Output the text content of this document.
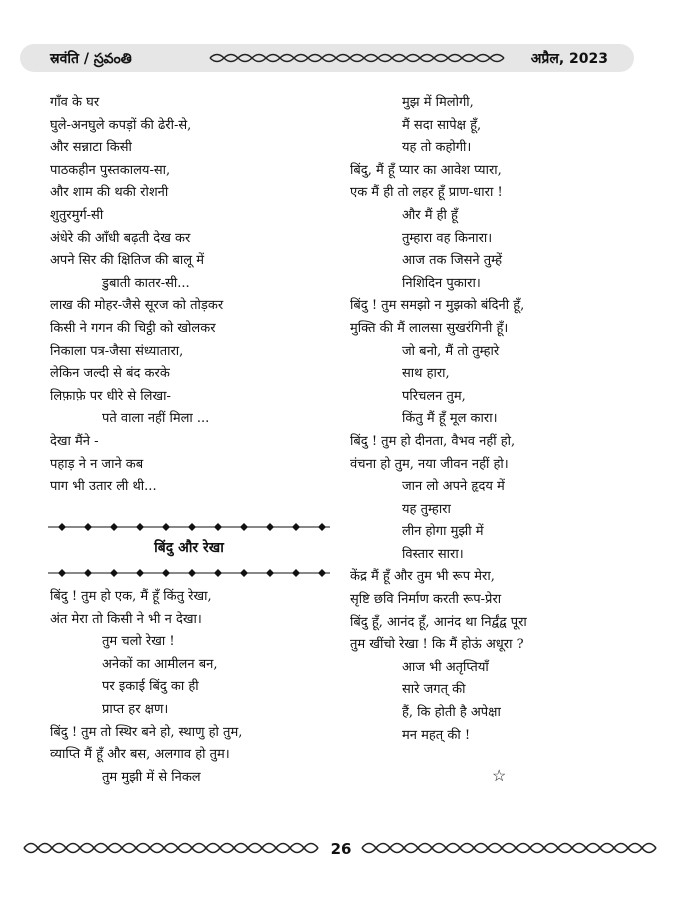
स्रवंति / స్రవంతి	अप्रैल, 2023
गाँव के घर
घुले-अनघुले कपड़ों की ढेरी-से,
और सन्नाटा किसी
पाठकहीन पुस्तकालय-सा,
और शाम की थकी रोशनी
शुतुरमुर्ग-सी
अंधेरे की आँधी बढ़ती देख कर
अपने सिर की क्षितिज की बालू में
डुबाती कातर-सी...
लाख की मोहर-जैसे सूरज को तोड़कर
किसी ने गगन की चिट्ठी को खोलकर
निकाला पत्र-जैसा संध्यातारा,
लेकिन जल्दी से बंद करके
लिफ़ाफ़े पर धीरे से लिखा-
पते वाला नहीं मिला ...
देखा मैंने -
पहाड़ ने न जाने कब
पाग भी उतार ली थी...
बिंदु और रेखा
बिंदु ! तुम हो एक, मैं हूँ किंतु रेखा,
अंत मेरा तो किसी ने भी न देखा।
तुम चलो रेखा !
अनेकों का आमीलन बन,
पर इकाई बिंदु का ही
प्राप्त हर क्षण।
बिंदु ! तुम तो स्थिर बने हो, स्थाणु हो तुम,
व्याप्ति मैं हूँ और बस, अलगाव हो तुम।
तुम मुझी में से निकल
मुझ में मिलोगी,
मैं सदा सापेक्ष हूँ,
यह तो कहोगी।
बिंदु, मैं हूँ प्यार का आवेश प्यारा,
एक मैं ही तो लहर हूँ प्राण-धारा !
और मैं ही हूँ
तुम्हारा वह किनारा।
आज तक जिसने तुम्हें
निशिदिन पुकारा।
बिंदु ! तुम समझो न मुझको बंदिनी हूँ,
मुक्ति की मैं लालसा सुखरंगिनी हूँ।
जो बनो, मैं तो तुम्हारे
साथ हारा,
परिचलन तुम,
किंतु मैं हूँ मूल कारा।
बिंदु ! तुम हो दीनता, वैभव नहीं हो,
वंचना हो तुम, नया जीवन नहीं हो।
जान लो अपने हृदय में
यह तुम्हारा
लीन होगा मुझी में
विस्तार सारा।
केंद्र मैं हूँ और तुम भी रूप मेरा,
सृष्टि छवि निर्माण करती रूप-प्रेरा
बिंदु हूँ, आनंद हूँ, आनंद था निर्द्वंद्व पूरा
तुम खींचो रेखा ! कि मैं होऊं अधूरा ?
आज भी अतृप्तियाँ
सारे जगत् की
हैं, कि होती है अपेक्षा
मन महत् की !
☆
26
